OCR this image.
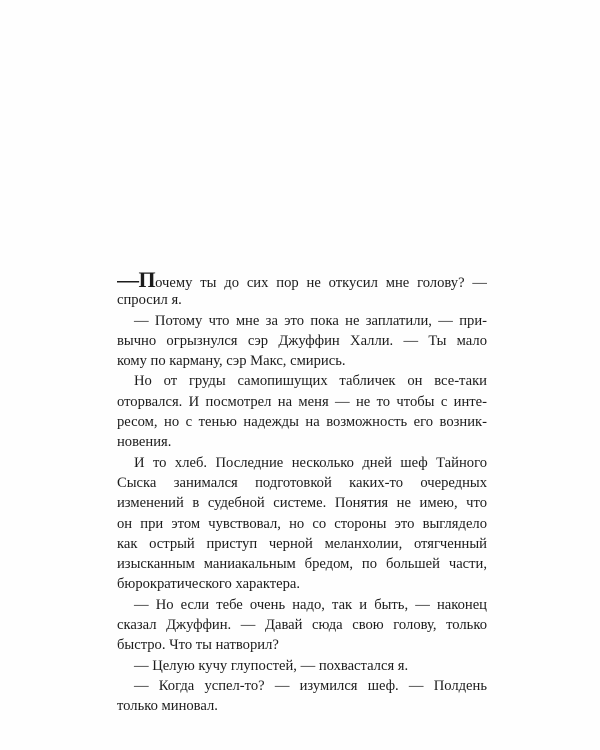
—Почему ты до сих пор не откусил мне голову? —
спросил я.
— Потому что мне за это пока не заплатили, — при-
вычно огрызнулся сэр Джуффин Халли. — Ты мало
кому по карману, сэр Макс, смирись.
Но от груды самопишущих табличек он все-таки
оторвался. И посмотрел на меня — не то чтобы с инте-
ресом, но с тенью надежды на возможность его возник-
новения.
И то хлеб. Последние несколько дней шеф Тайного
Сыска занимался подготовкой каких-то очередных
изменений в судебной системе. Понятия не имею, что
он при этом чувствовал, но со стороны это выглядело
как острый приступ черной меланхолии, отягченный
изысканным маниакальным бредом, по большей части,
бюрократического характера.
— Но если тебе очень надо, так и быть, — наконец
сказал Джуффин. — Давай сюда свою голову, только
быстро. Что ты натворил?
— Целую кучу глупостей, — похвастался я.
— Когда успел-то? — изумился шеф. — Полдень
только миновал.
